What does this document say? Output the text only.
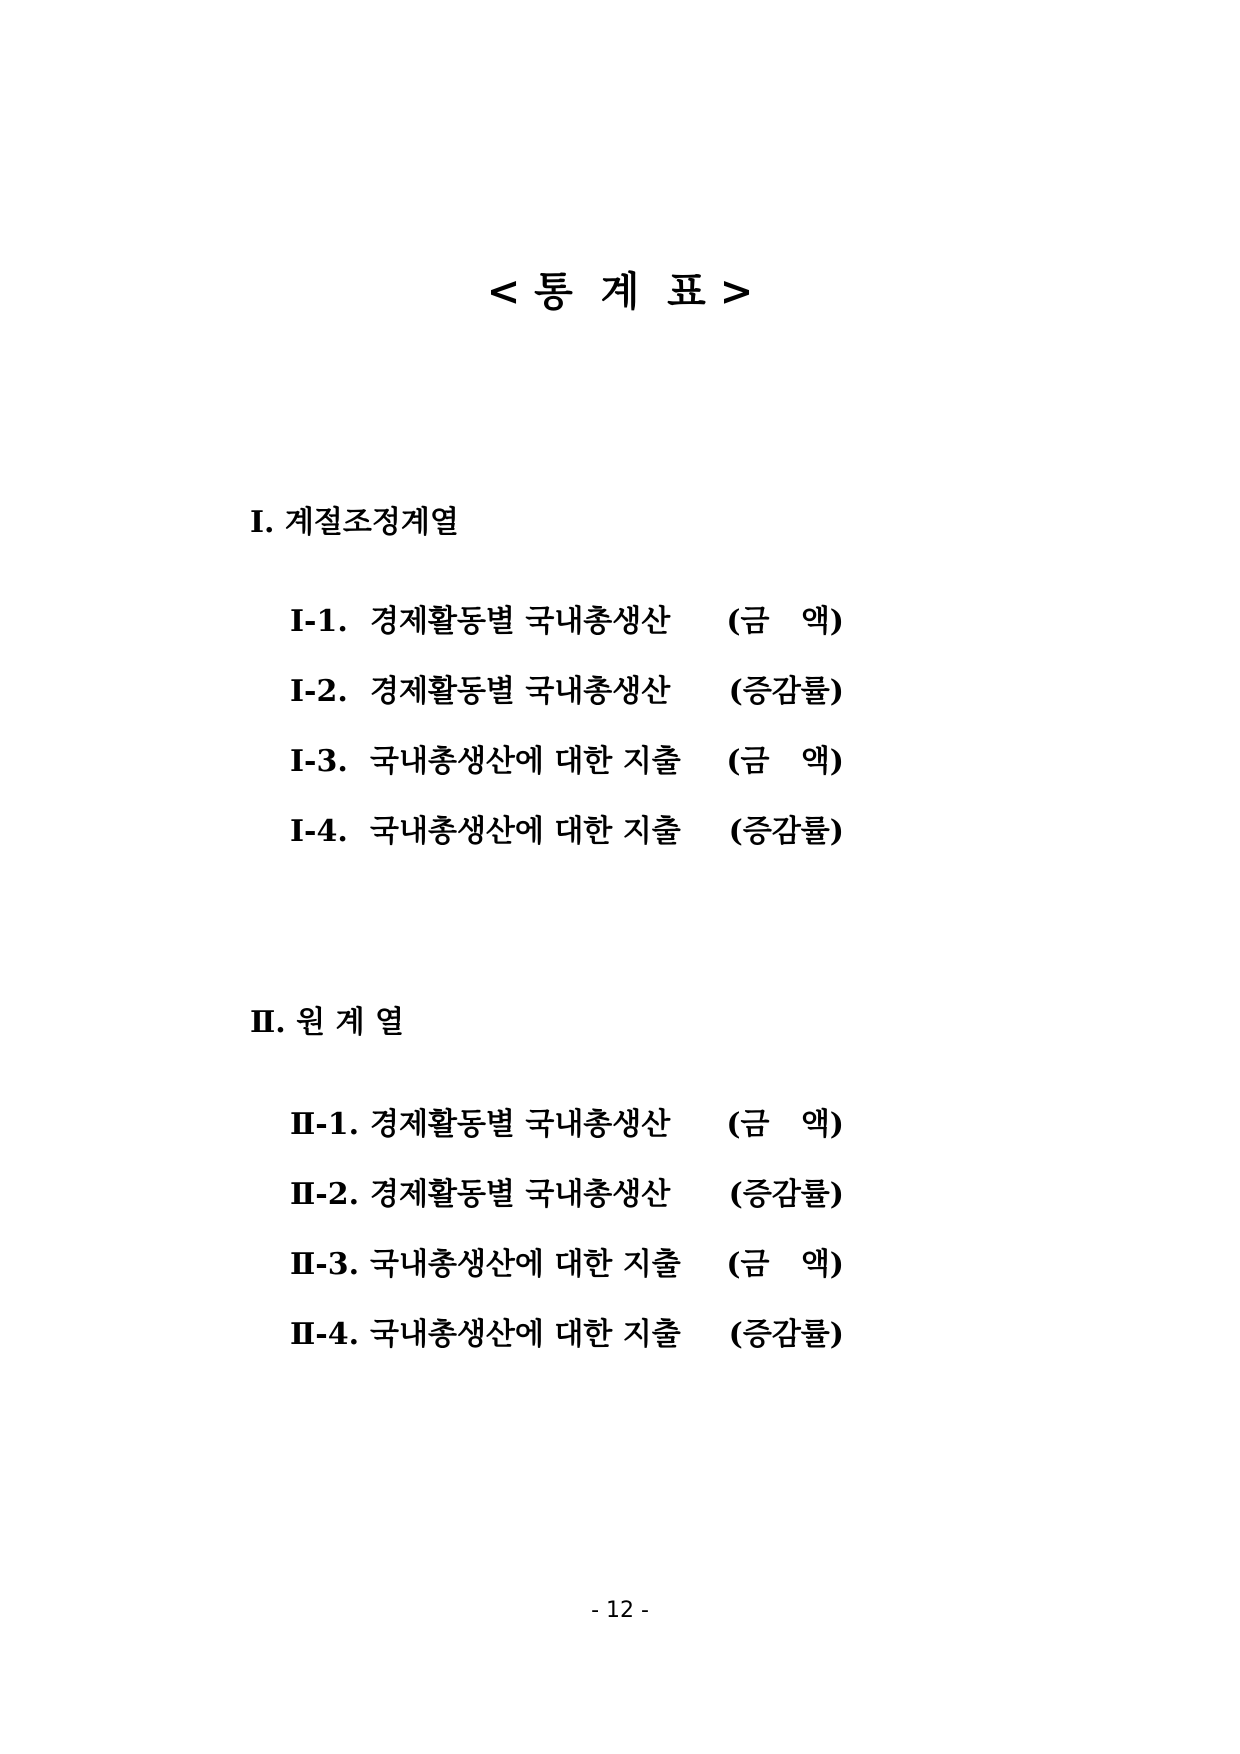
< 통  계  표 >
Ⅰ. 계절조정계열
Ⅰ-1. 경제활동별 국내총생산 (금   액)
Ⅰ-2. 경제활동별 국내총생산 (증감률)
Ⅰ-3. 국내총생산에 대한 지출 (금   액)
Ⅰ-4. 국내총생산에 대한 지출 (증감률)
Ⅱ. 원 계 열
Ⅱ-1. 경제활동별 국내총생산 (금   액)
Ⅱ-2. 경제활동별 국내총생산 (증감률)
Ⅱ-3. 국내총생산에 대한 지출 (금   액)
Ⅱ-4. 국내총생산에 대한 지출 (증감률)
- 12 -
